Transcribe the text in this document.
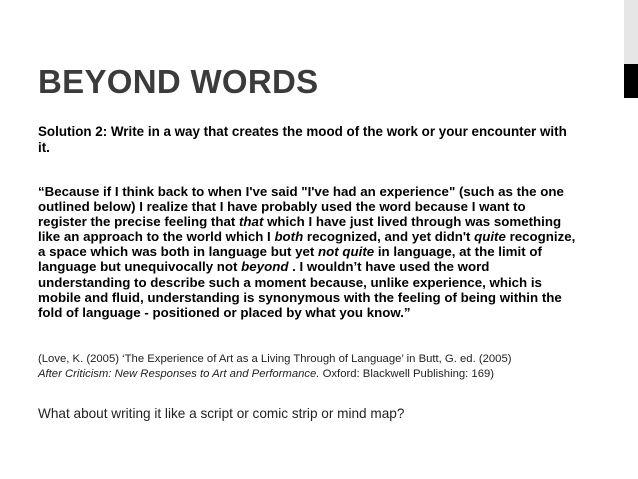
BEYOND WORDS

Solution 2: Write in a way that creates the mood of the work or your encounter with it.

“Because if I think back to when I've said "I've had an experience" (such as the one outlined below) I realize that I have probably used the word because I want to register the precise feeling that that which I have just lived through was something like an approach to the world which I both recognized, and yet didn't quite recognize, a space which was both in language but yet not quite in language, at the limit of language but unequivocally not beyond . I wouldn’t have used the word understanding to describe such a moment because, unlike experience, which is mobile and fluid, understanding is synonymous with the feeling of being within the fold of language - positioned or placed by what you know.”

(Love, K. (2005) ‘The Experience of Art as a Living Through of Language’ in Butt, G. ed. (2005)
After Criticism: New Responses to Art and Performance. Oxford: Blackwell Publishing: 169)

What about writing it like a script or comic strip or mind map?
